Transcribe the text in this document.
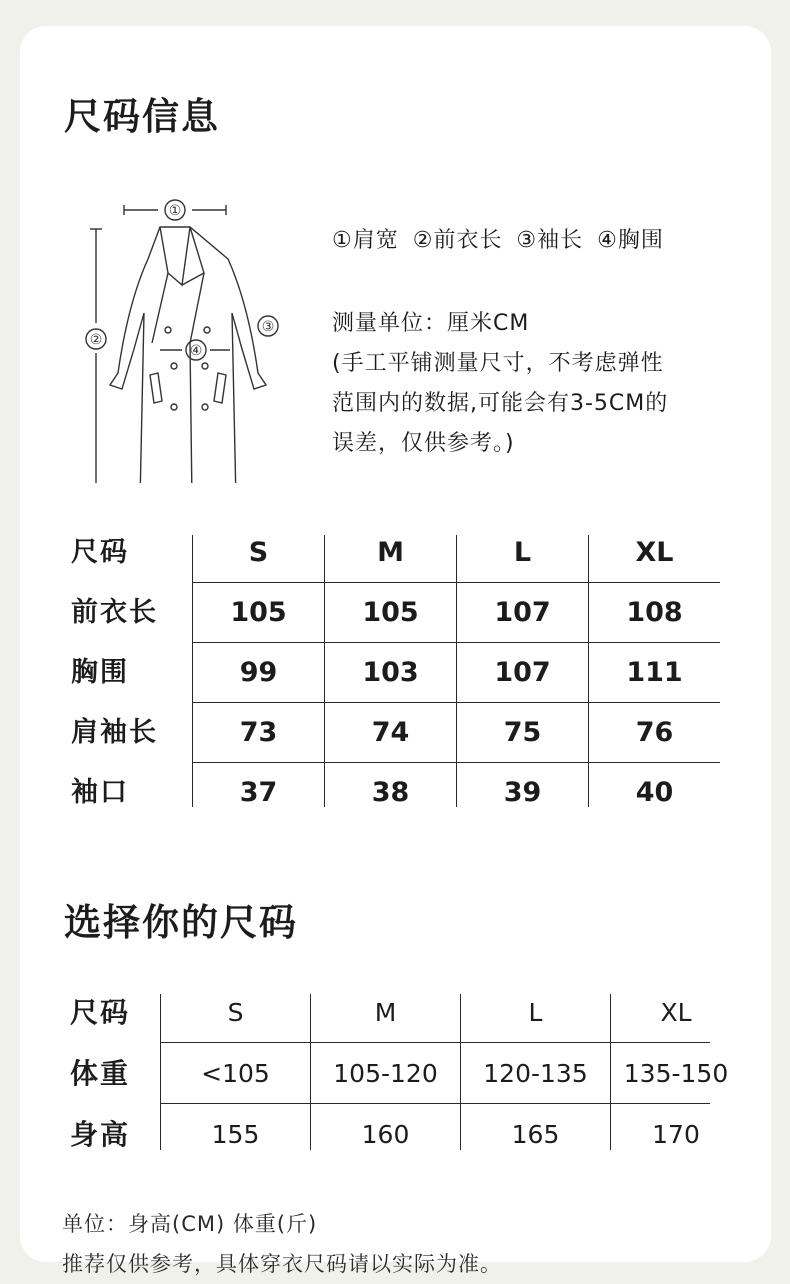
尺码信息
①
②
③
④
①肩宽 ②前衣长 ③袖长 ④胸围
测量单位：厘米CM
(手工平铺测量尺寸，不考虑弹性
范围内的数据,可能会有3-5CM的
误差，仅供参考。)
尺码	S	M	L	XL
前衣长	105	105	107	108
胸围	99	103	107	111
肩袖长	73	74	75	76
袖口	37	38	39	40
选择你的尺码
尺码	S	M	L	XL
体重	<105	105-120	120-135	135-150
身高	155	160	165	170
单位：身高(CM) 体重(斤)
推荐仅供参考，具体穿衣尺码请以实际为准。
